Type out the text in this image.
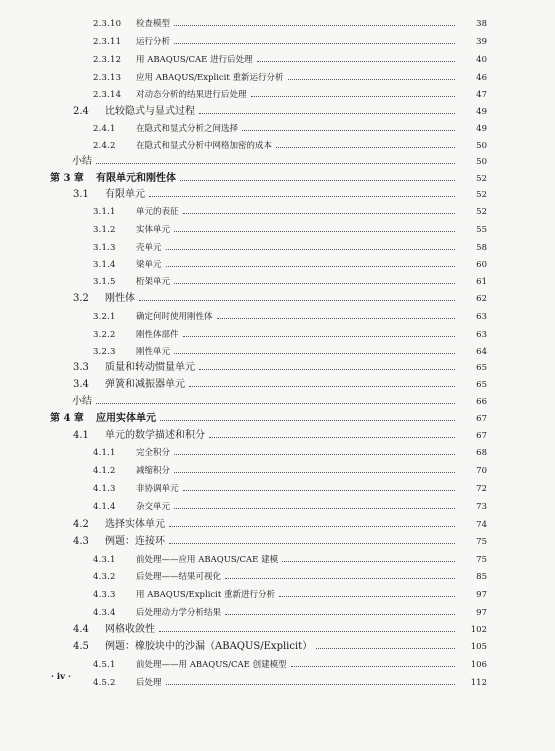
2.3.10	检查模型	38
2.3.11	运行分析	39
2.3.12	用 ABAQUS/CAE 进行后处理	40
2.3.13	应用 ABAQUS/Explicit 重新运行分析	46
2.3.14	对动态分析的结果进行后处理	47
2.4	比较隐式与显式过程	49
2.4.1	在隐式和显式分析之间选择	49
2.4.2	在隐式和显式分析中网格加密的成本	50
小结	50
第 3 章	有限单元和刚性体	52
3.1	有限单元	52
3.1.1	单元的表征	52
3.1.2	实体单元	55
3.1.3	壳单元	58
3.1.4	梁单元	60
3.1.5	桁架单元	61
3.2	刚性体	62
3.2.1	确定何时使用刚性体	63
3.2.2	刚性体部件	63
3.2.3	刚性单元	64
3.3	质量和转动惯量单元	65
3.4	弹簧和减振器单元	65
小结	66
第 4 章	应用实体单元	67
4.1	单元的数学描述和积分	67
4.1.1	完全积分	68
4.1.2	减缩积分	70
4.1.3	非协调单元	72
4.1.4	杂交单元	73
4.2	选择实体单元	74
4.3	例题：连接环	75
4.3.1	前处理——应用 ABAQUS/CAE 建模	75
4.3.2	后处理——结果可视化	85
4.3.3	用 ABAQUS/Explicit 重新进行分析	97
4.3.4	后处理动力学分析结果	97
4.4	网格收敛性	102
4.5	例题：橡胶块中的沙漏（ABAQUS/Explicit）	105
4.5.1	前处理——用 ABAQUS/CAE 创建模型	106
4.5.2	后处理	112
· iv ·
